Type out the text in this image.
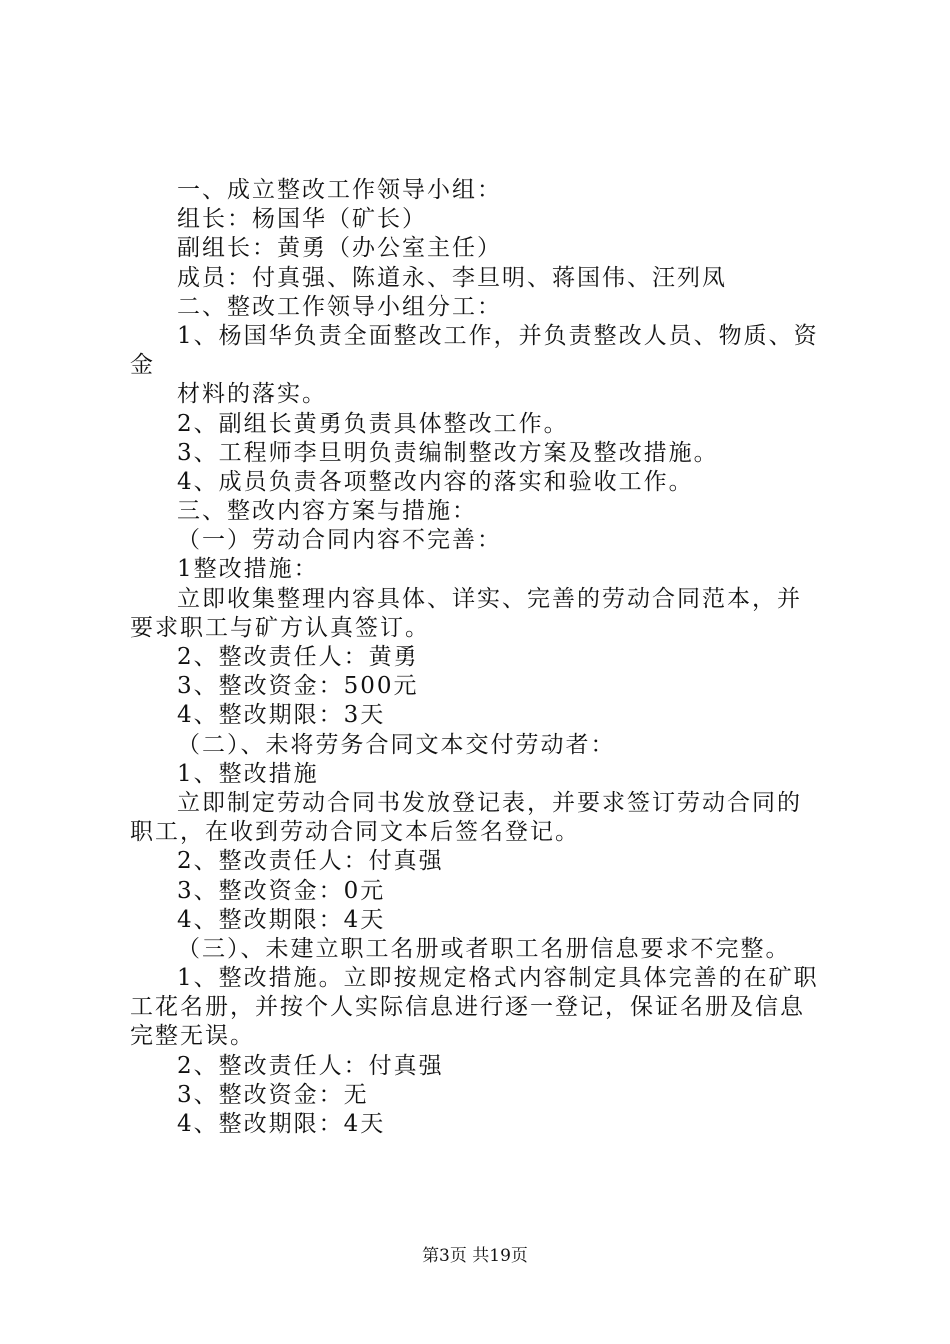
一、成立整改工作领导小组：
组长：杨国华（矿长）
副组长：黄勇（办公室主任）
成员：付真强、陈道永、李旦明、蒋国伟、汪列凤
二、整改工作领导小组分工：
1、杨国华负责全面整改工作，并负责整改人员、物质、资
金
材料的落实。
2、副组长黄勇负责具体整改工作。
3、工程师李旦明负责编制整改方案及整改措施。
4、成员负责各项整改内容的落实和验收工作。
三、整改内容方案与措施：
（一）劳动合同内容不完善：
1整改措施：
立即收集整理内容具体、详实、完善的劳动合同范本，并
要求职工与矿方认真签订。
2、整改责任人：黄勇
3、整改资金：500元
4、整改期限：3天
（二）、未将劳务合同文本交付劳动者：
1、整改措施
立即制定劳动合同书发放登记表，并要求签订劳动合同的
职工，在收到劳动合同文本后签名登记。
2、整改责任人：付真强
3、整改资金：0元
4、整改期限：4天
（三）、未建立职工名册或者职工名册信息要求不完整。
1、整改措施。立即按规定格式内容制定具体完善的在矿职
工花名册，并按个人实际信息进行逐一登记，保证名册及信息
完整无误。
2、整改责任人：付真强
3、整改资金：无
4、整改期限：4天
第3页 共19页
